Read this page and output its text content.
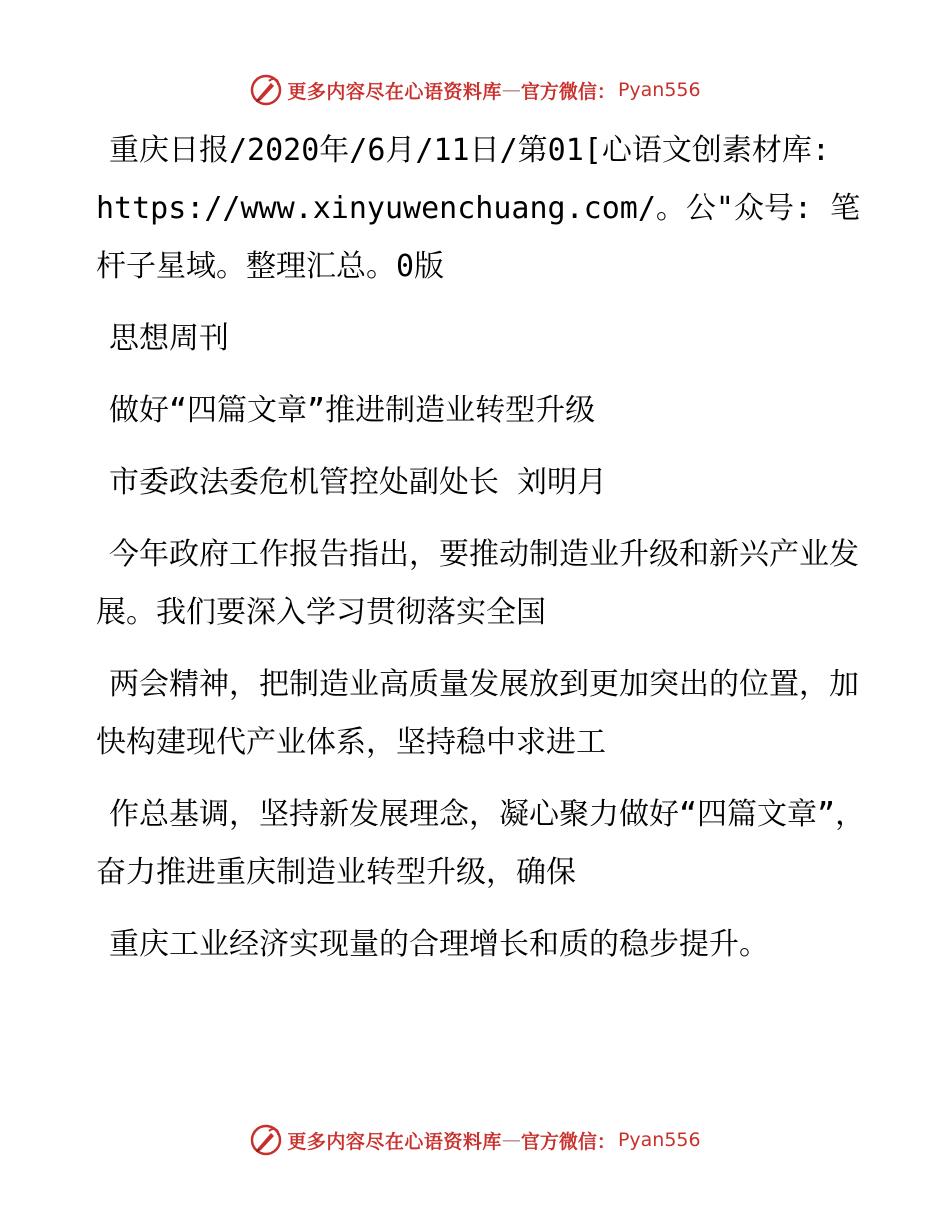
更多内容尽在心语资料库 — 官方微信： Pyan556

重庆日报/2020年/6月/11日/第01[心语文创素材库: https://www.xinyuwenchuang.com/。公"众号: 笔杆子星域。整理汇总。0版

思想周刊

做好“四篇文章”推进制造业转型升级

市委政法委危机管控处副处长 刘明月

今年政府工作报告指出，要推动制造业升级和新兴产业发展。我们要深入学习贯彻落实全国

两会精神，把制造业高质量发展放到更加突出的位置，加快构建现代产业体系，坚持稳中求进工

作总基调，坚持新发展理念，凝心聚力做好“四篇文章”，奋力推进重庆制造业转型升级，确保

重庆工业经济实现量的合理增长和质的稳步提升。

更多内容尽在心语资料库 — 官方微信： Pyan556
